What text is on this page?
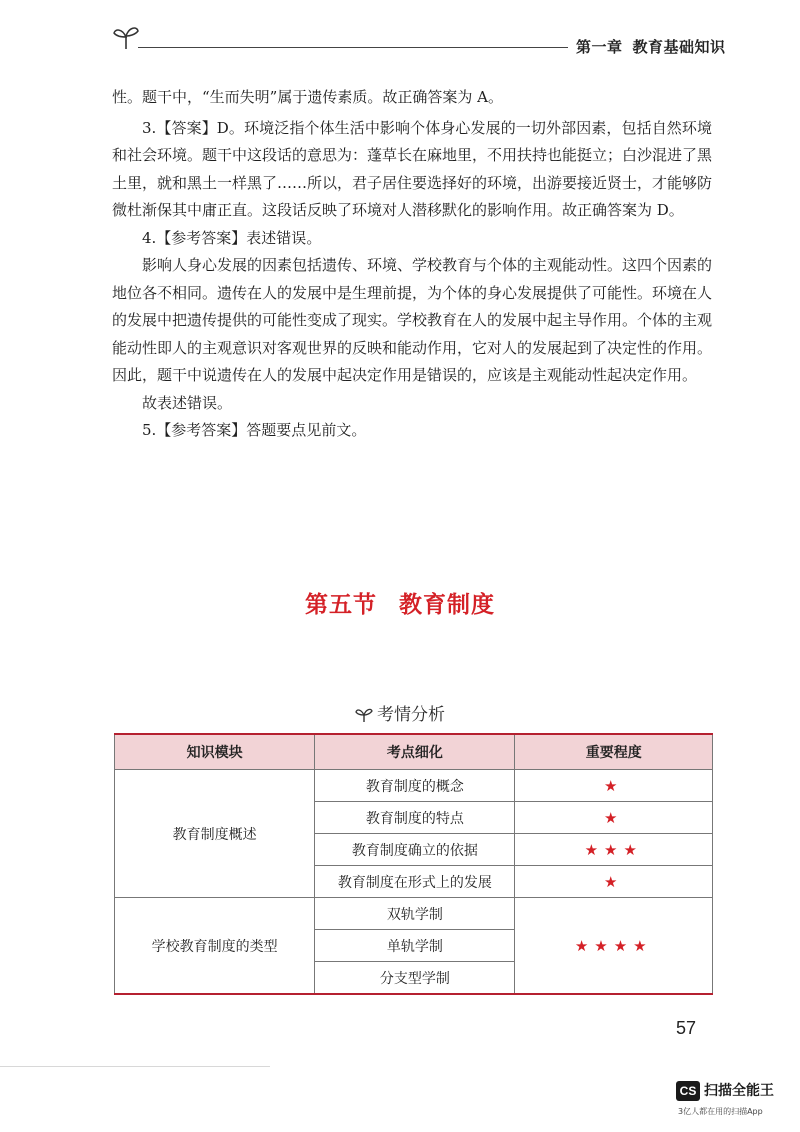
第一章 教育基础知识

性。题干中，“生而失明”属于遗传素质。故正确答案为 A。

3.【答案】D。环境泛指个体生活中影响个体身心发展的一切外部因素，包括自然环境和社会环境。题干中这段话的意思为：蓬草长在麻地里，不用扶持也能挺立；白沙混进了黑土里，就和黑土一样黑了……所以，君子居住要选择好的环境，出游要接近贤士，才能够防微杜渐保其中庸正直。这段话反映了环境对人潜移默化的影响作用。故正确答案为 D。

4.【参考答案】表述错误。

影响人身心发展的因素包括遗传、环境、学校教育与个体的主观能动性。这四个因素的地位各不相同。遗传在人的发展中是生理前提，为个体的身心发展提供了可能性。环境在人的发展中把遗传提供的可能性变成了现实。学校教育在人的发展中起主导作用。个体的主观能动性即人的主观意识对客观世界的反映和能动作用，它对人的发展起到了决定性的作用。因此，题干中说遗传在人的发展中起决定作用是错误的，应该是主观能动性起决定作用。

故表述错误。

5.【参考答案】答题要点见前文。

第五节 教育制度
考情分析
知识模块	考点细化	重要程度
教育制度概述	教育制度的概念	★
	教育制度的特点	★
	教育制度确立的依据	★★★
	教育制度在形式上的发展	★
学校教育制度的类型	双轨学制	★★★★
	单轨学制	
	分支型学制	
57
CS 扫描全能王
3亿人都在用的扫描App
